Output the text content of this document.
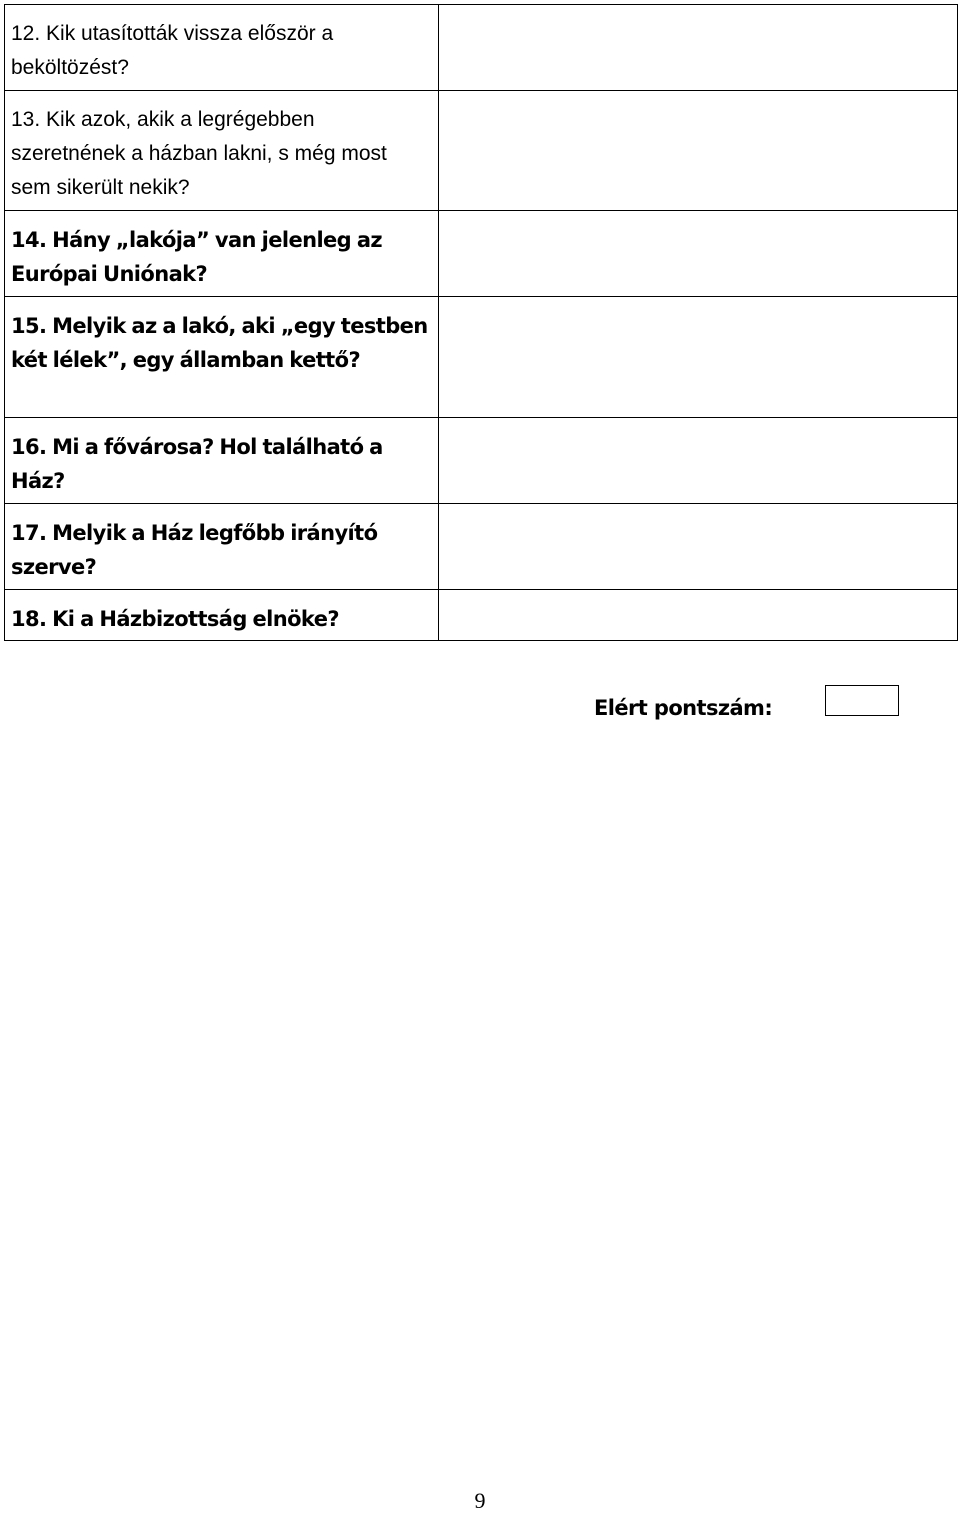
12. Kik utasították vissza először a beköltözést?	
13. Kik azok, akik a legrégebben szeretnének a házban lakni, s még most sem sikerült nekik?	
14. Hány „lakója” van jelenleg az Európai Uniónak?	
15. Melyik az a lakó, aki „egy testben két lélek”, egy államban kettő?	
16. Mi a fővárosa? Hol található a Ház?	
17. Melyik a Ház legfőbb irányító szerve?	
18. Ki a Házbizottság elnöke?	
Elért pontszám:
9
